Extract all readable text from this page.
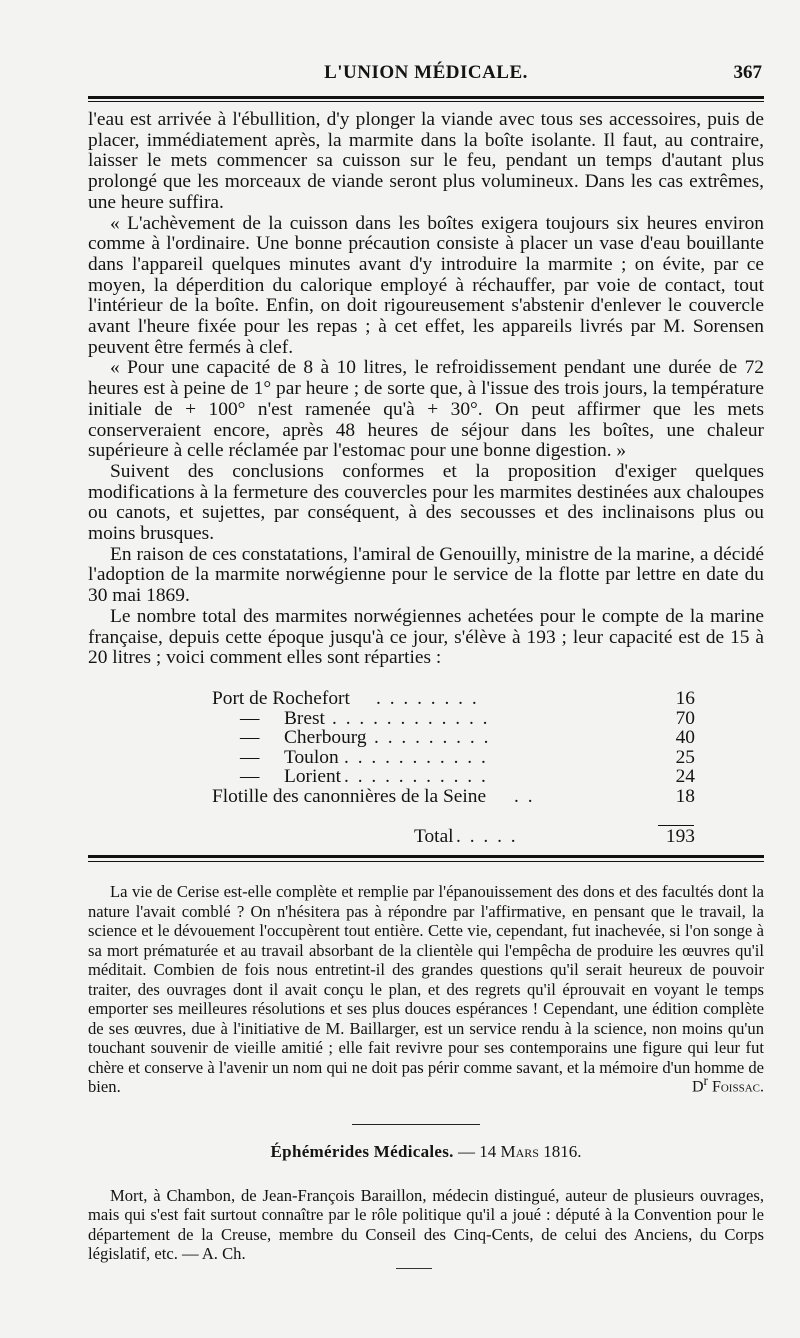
L'UNION MÉDICALE.	367

l'eau est arrivée à l'ébullition, d'y plonger la viande avec tous ses accessoires, puis de placer, immédiatement après, la marmite dans la boîte isolante. Il faut, au contraire, laisser le mets commencer sa cuisson sur le feu, pendant un temps d'autant plus prolongé que les morceaux de viande seront plus volumineux. Dans les cas extrêmes, une heure suffira.

« L'achèvement de la cuisson dans les boîtes exigera toujours six heures environ comme à l'ordinaire. Une bonne précaution consiste à placer un vase d'eau bouillante dans l'appareil quelques minutes avant d'y introduire la marmite ; on évite, par ce moyen, la déperdition du calorique employé à réchauffer, par voie de contact, tout l'intérieur de la boîte. Enfin, on doit rigoureusement s'abstenir d'enlever le couvercle avant l'heure fixée pour les repas ; à cet effet, les appareils livrés par M. Sorensen peuvent être fermés à clef.

« Pour une capacité de 8 à 10 litres, le refroidissement pendant une durée de 72 heures est à peine de 1° par heure ; de sorte que, à l'issue des trois jours, la température initiale de + 100° n'est ramenée qu'à + 30°. On peut affirmer que les mets conserveraient encore, après 48 heures de séjour dans les boîtes, une chaleur supérieure à celle réclamée par l'estomac pour une bonne digestion. »

Suivent des conclusions conformes et la proposition d'exiger quelques modifications à la fermeture des couvercles pour les marmites destinées aux chaloupes ou canots, et sujettes, par conséquent, à des secousses et des inclinaisons plus ou moins brusques.

En raison de ces constatations, l'amiral de Genouilly, ministre de la marine, a décidé l'adoption de la marmite norwégienne pour le service de la flotte par lettre en date du 30 mai 1869.

Le nombre total des marmites norwégiennes achetées pour le compte de la marine française, depuis cette époque jusqu'à ce jour, s'élève à 193 ; leur capacité est de 15 à 20 litres ; voici comment elles sont réparties :

Port de Rochefort . . . . . . . .	16
— Brest . . . . . . . . . . . .	70
— Cherbourg . . . . . . . . .	40
— Toulon . . . . . . . . . . .	25
— Lorient . . . . . . . . . . .	24
Flotille des canonnières de la Seine . .	18
Total . . . . .	193

La vie de Cerise est-elle complète et remplie par l'épanouissement des dons et des facultés dont la nature l'avait comblé ? On n'hésitera pas à répondre par l'affirmative, en pensant que le travail, la science et le dévouement l'occupèrent tout entière. Cette vie, cependant, fut inachevée, si l'on songe à sa mort prématurée et au travail absorbant de la clientèle qui l'empêcha de produire les œuvres qu'il méditait. Combien de fois nous entretint-il des grandes questions qu'il serait heureux de pouvoir traiter, des ouvrages dont il avait conçu le plan, et des regrets qu'il éprouvait en voyant le temps emporter ses meilleures résolutions et ses plus douces espérances ! Cependant, une édition complète de ses œuvres, due à l'initiative de M. Baillarger, est un service rendu à la science, non moins qu'un touchant souvenir de vieille amitié ; elle fait revivre pour ses contemporains une figure qui leur fut chère et conserve à l'avenir un nom qui ne doit pas périr comme savant, et la mémoire d'un homme de bien.	$D^r$ Foissac.
Éphémérides Médicales. — 14 Mars 1816.

Mort, à Chambon, de Jean-François Baraillon, médecin distingué, auteur de plusieurs ouvrages, mais qui s'est fait surtout connaître par le rôle politique qu'il a joué : député à la Convention pour le département de la Creuse, membre du Conseil des Cinq-Cents, de celui des Anciens, du Corps législatif, etc. — A. Ch.
